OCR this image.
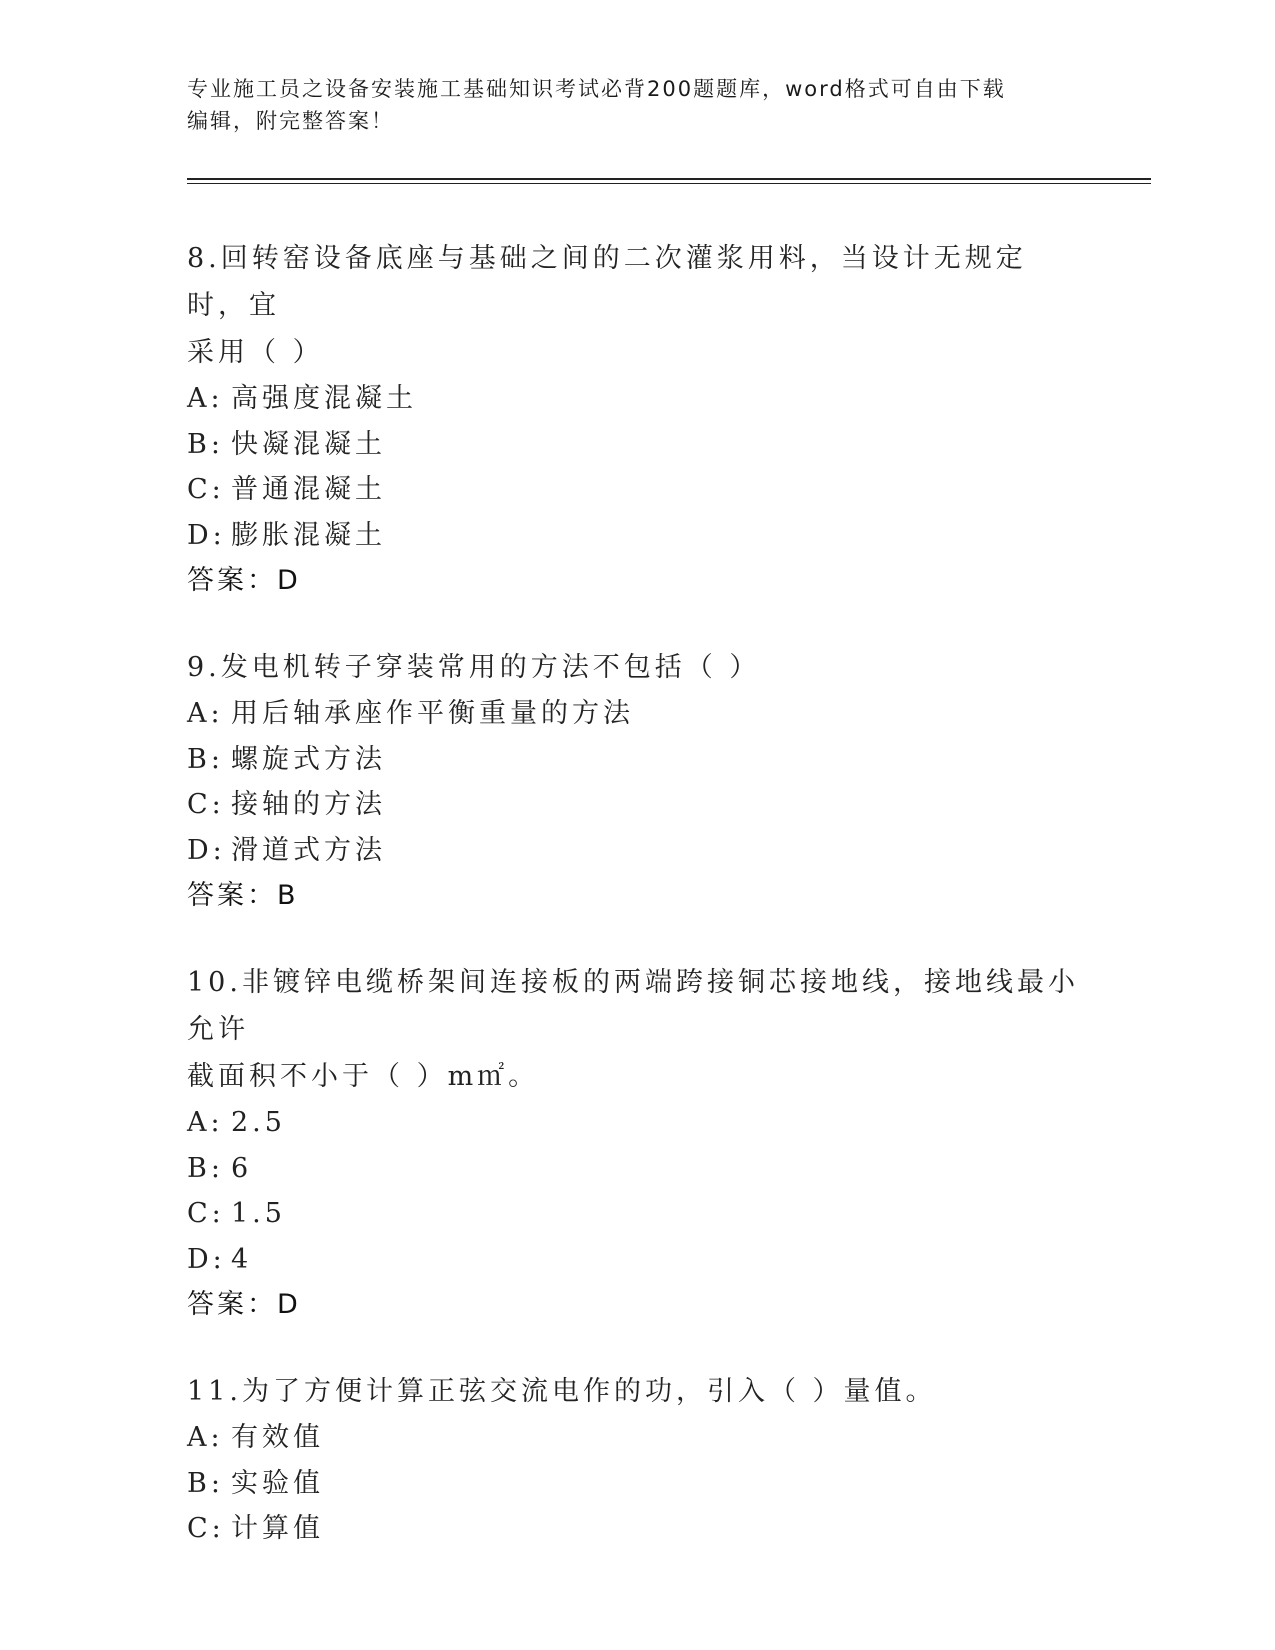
专业施工员之设备安装施工基础知识考试必背200题题库，word格式可自由下载
编辑，附完整答案！
8.回转窑设备底座与基础之间的二次灌浆用料，当设计无规定时，宜
采用（ ）
A: 高强度混凝土
B: 快凝混凝土
C: 普通混凝土
D: 膨胀混凝土
答案：D
9.发电机转子穿装常用的方法不包括（ ）
A: 用后轴承座作平衡重量的方法
B: 螺旋式方法
C: 接轴的方法
D: 滑道式方法
答案：B
10.非镀锌电缆桥架间连接板的两端跨接铜芯接地线，接地线最小允许
截面积不小于（ ）m㎡。
A: 2.5
B: 6
C: 1.5
D: 4
答案：D
11.为了方便计算正弦交流电作的功，引入（ ）量值。
A: 有效值
B: 实验值
C: 计算值
